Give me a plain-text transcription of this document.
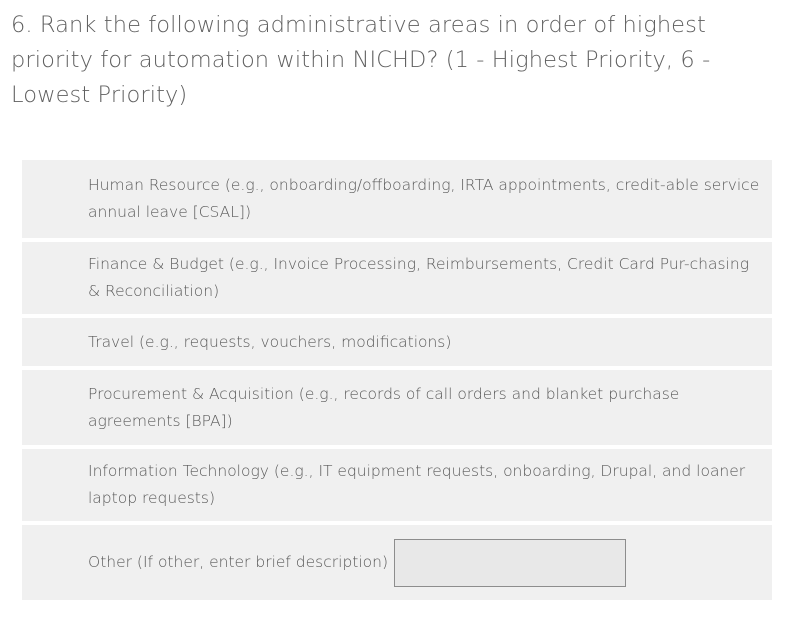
6. Rank the following administrative areas in order of highest priority for automation within NICHD? (1 - Highest Priority, 6 - Lowest Priority)
Human Resource (e.g., onboarding/offboarding, IRTA appointments, credit-able service annual leave [CSAL])
Finance & Budget (e.g., Invoice Processing, Reimbursements, Credit Card Pur-chasing & Reconciliation)
Travel (e.g., requests, vouchers, modifications)
Procurement & Acquisition (e.g., records of call orders and blanket purchase agreements [BPA])
Information Technology (e.g., IT equipment requests, onboarding, Drupal, and loaner laptop requests)
Other (If other, enter brief description)
